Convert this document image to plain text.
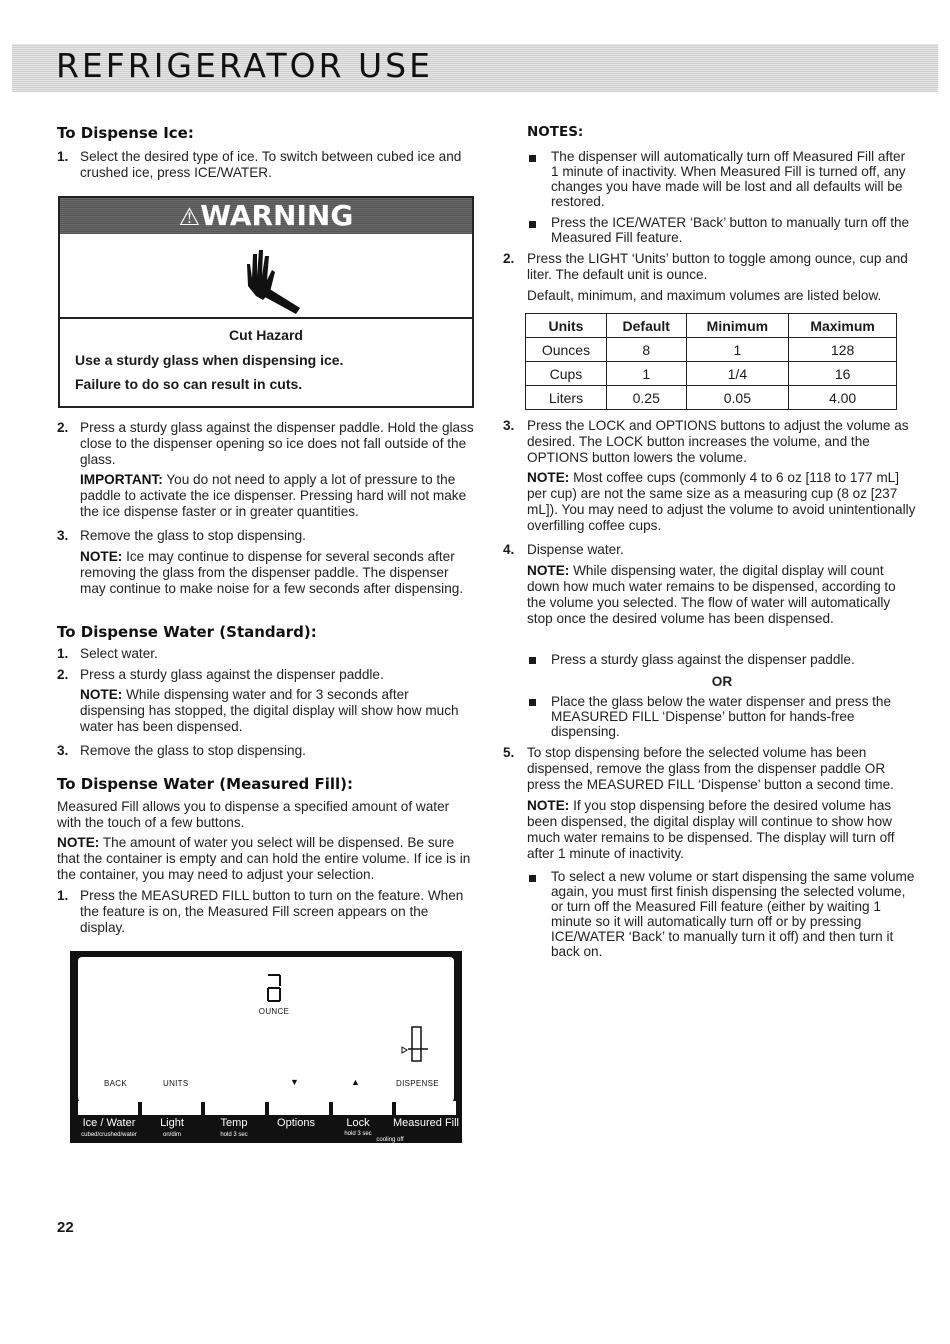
REFRIGERATOR USE
To Dispense Ice:
1. Select the desired type of ice. To switch between cubed ice and crushed ice, press ICE/WATER.

⚠WARNING
Cut Hazard
Use a sturdy glass when dispensing ice.
Failure to do so can result in cuts.
2. Press a sturdy glass against the dispenser paddle. Hold the glass close to the dispenser opening so ice does not fall outside of the glass.

IMPORTANT: You do not need to apply a lot of pressure to the paddle to activate the ice dispenser. Pressing hard will not make the ice dispense faster or in greater quantities.

3. Remove the glass to stop dispensing.

NOTE: Ice may continue to dispense for several seconds after removing the glass from the dispenser paddle. The dispenser may continue to make noise for a few seconds after dispensing.

To Dispense Water (Standard):
1. Select water.

2. Press a sturdy glass against the dispenser paddle.

NOTE: While dispensing water and for 3 seconds after dispensing has stopped, the digital display will show how much water has been dispensed.

3. Remove the glass to stop dispensing.

To Dispense Water (Measured Fill):

Measured Fill allows you to dispense a specified amount of water with the touch of a few buttons.

NOTE: The amount of water you select will be dispensed. Be sure that the container is empty and can hold the entire volume. If ice is in the container, you may need to adjust your selection.

1. Press the MEASURED FILL button to turn on the feature. When the feature is on, the Measured Fill screen appears on the display.

OUNCE
BACK	UNITS	▼	▲	DISPENSE
Ice / Water	Light	Temp	Options	Lock	Measured Fill
cubed/crushed/water	on/dim	hold 3 sec	hold 3 sec
cooling off
NOTES:

The dispenser will automatically turn off Measured Fill after 1 minute of inactivity. When Measured Fill is turned off, any changes you have made will be lost and all defaults will be restored.

Press the ICE/WATER ‘Back’ button to manually turn off the Measured Fill feature.

2. Press the LIGHT ‘Units’ button to toggle among ounce, cup and liter. The default unit is ounce.

Default, minimum, and maximum volumes are listed below.

Units	Default	Minimum	Maximum
Ounces	8	1	128
Cups	1	1/4	16
Liters	0.25	0.05	4.00
3. Press the LOCK and OPTIONS buttons to adjust the volume as desired. The LOCK button increases the volume, and the OPTIONS button lowers the volume.

NOTE: Most coffee cups (commonly 4 to 6 oz [118 to 177 mL] per cup) are not the same size as a measuring cup (8 oz [237 mL]). You may need to adjust the volume to avoid unintentionally overfilling coffee cups.

4. Dispense water.

NOTE: While dispensing water, the digital display will count down how much water remains to be dispensed, according to the volume you selected. The flow of water will automatically stop once the desired volume has been dispensed.

Press a sturdy glass against the dispenser paddle.

OR

Place the glass below the water dispenser and press the MEASURED FILL ‘Dispense’ button for hands-free dispensing.

5. To stop dispensing before the selected volume has been dispensed, remove the glass from the dispenser paddle OR press the MEASURED FILL ‘Dispense’ button a second time.

NOTE: If you stop dispensing before the desired volume has been dispensed, the digital display will continue to show how much water remains to be dispensed. The display will turn off after 1 minute of inactivity.

To select a new volume or start dispensing the same volume again, you must first finish dispensing the selected volume, or turn off the Measured Fill feature (either by waiting 1 minute so it will automatically turn off or by pressing ICE/WATER ‘Back’ to manually turn it off) and then turn it back on.

22
